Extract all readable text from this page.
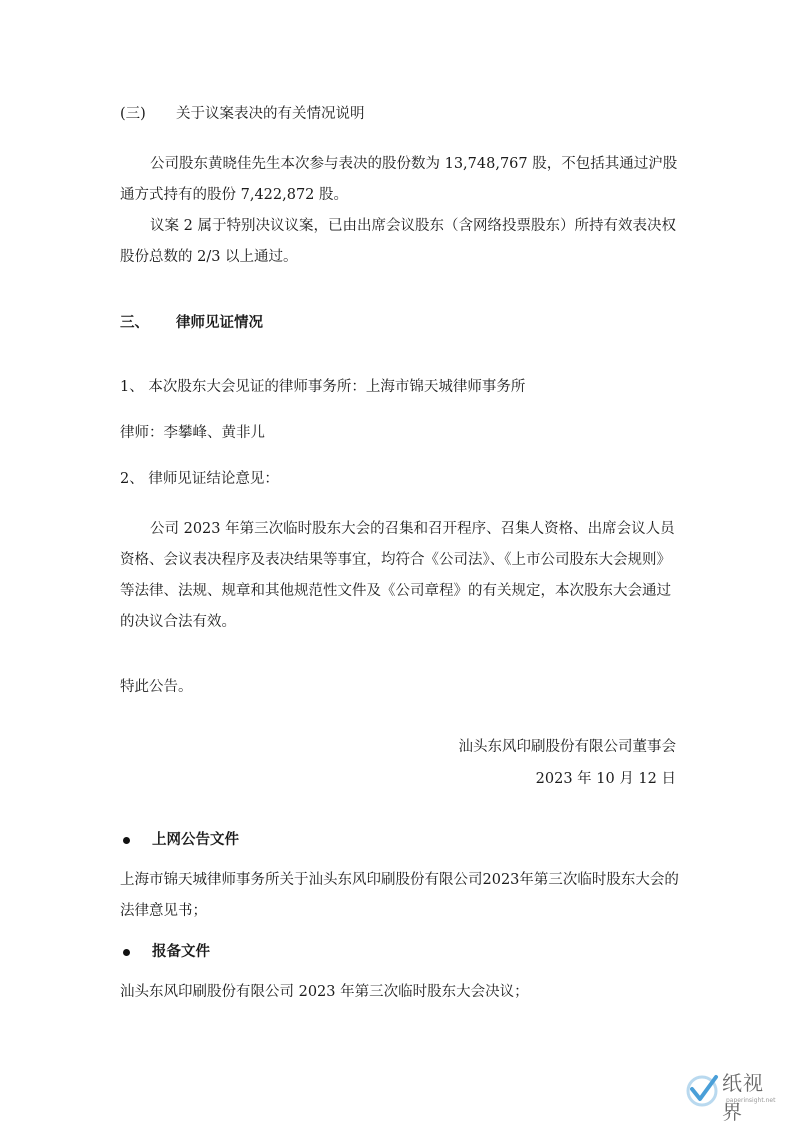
(三) 关于议案表决的有关情况说明

公司股东黄晓佳先生本次参与表决的股份数为 13,748,767 股，不包括其通过沪股通方式持有的股份 7,422,872 股。

议案 2 属于特别决议议案，已由出席会议股东（含网络投票股东）所持有效表决权股份总数的 2/3 以上通过。

三、 律师见证情况

1、 本次股东大会见证的律师事务所：上海市锦天城律师事务所

律师：李攀峰、黄非儿

2、 律师见证结论意见：

公司 2023 年第三次临时股东大会的召集和召开程序、召集人资格、出席会议人员资格、会议表决程序及表决结果等事宜，均符合《公司法》、《上市公司股东大会规则》等法律、法规、规章和其他规范性文件及《公司章程》的有关规定，本次股东大会通过的决议合法有效。

特此公告。

汕头东风印刷股份有限公司董事会
2023 年 10 月 12 日
上网公告文件

上海市锦天城律师事务所关于汕头东风印刷股份有限公司2023年第三次临时股东大会的法律意见书；

报备文件

汕头东风印刷股份有限公司 2023 年第三次临时股东大会决议；

纸视界
paperinsight.net
